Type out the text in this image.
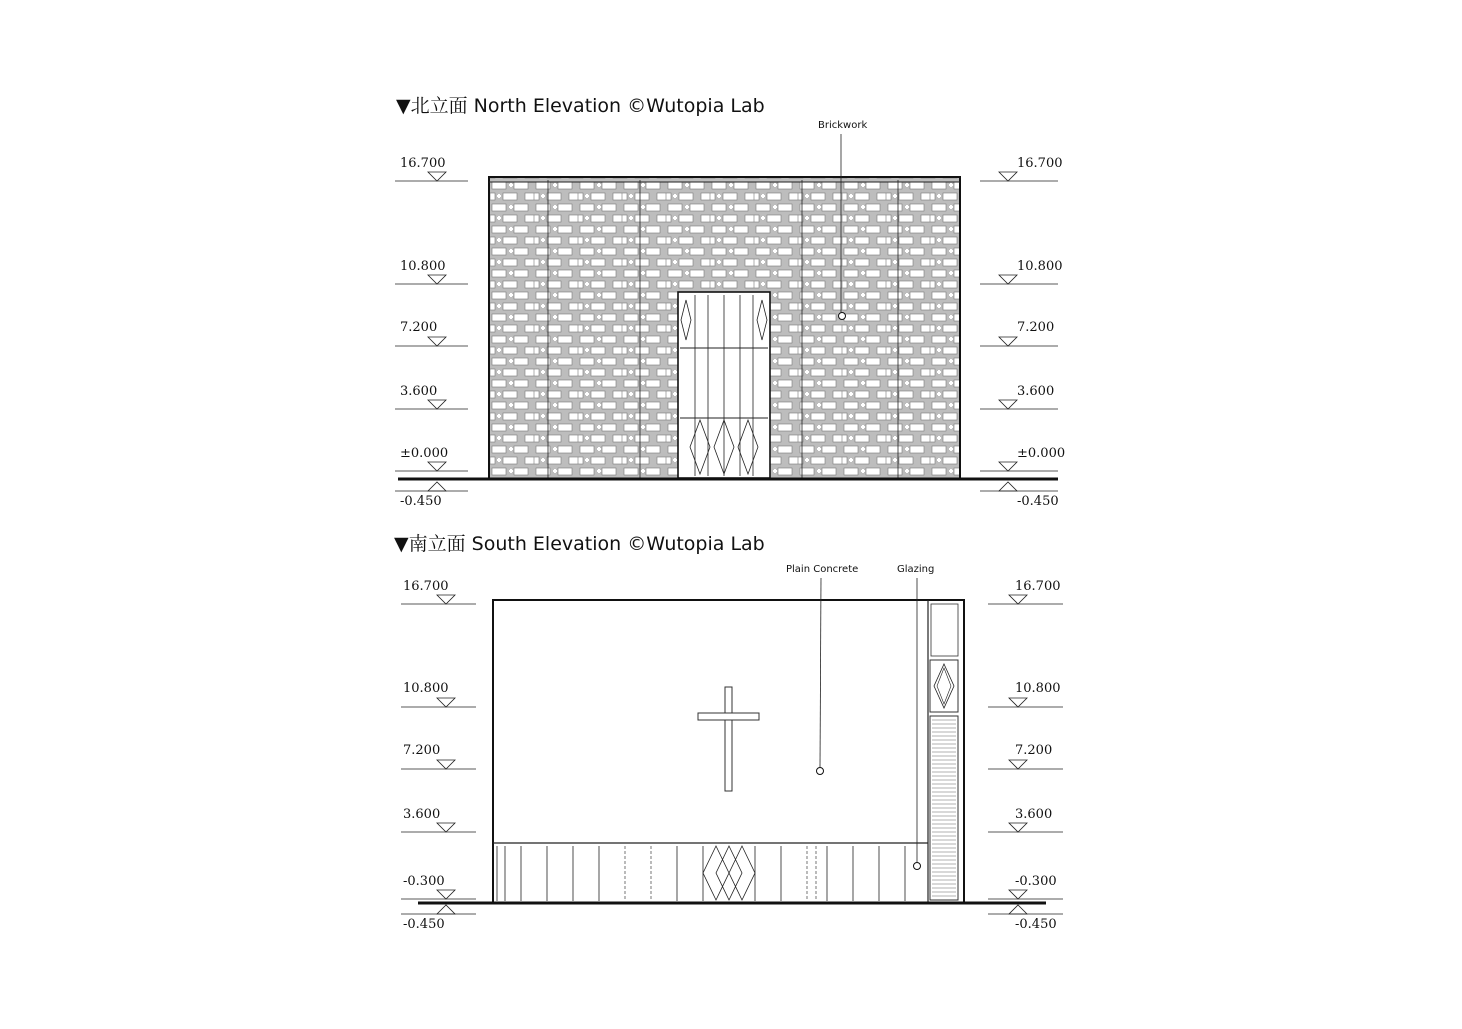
▼北立面 North Elevation ©Wutopia Lab
Brickwork
16.700
10.800
7.200
3.600
±0.000
-0.450
16.700
10.800
7.200
3.600
±0.000
-0.450
▼南立面 South Elevation ©Wutopia Lab
Plain Concrete	Glazing
16.700
10.800
7.200
3.600
-0.300
-0.450
16.700
10.800
7.200
3.600
-0.300
-0.450
